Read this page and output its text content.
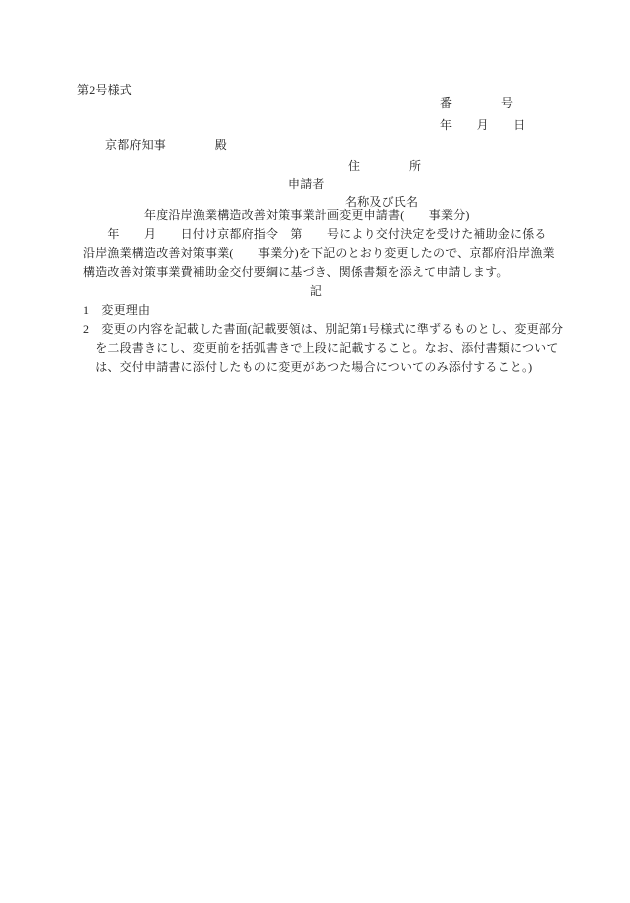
第2号様式
番　　　　号
年　　月　　日
京都府知事　　　　殿
住　　　　所
申請者
名称及び氏名
　　　　　年度沿岸漁業構造改善対策事業計画変更申請書(　　事業分)
　　年　　月　　日付け京都府指令　第　　号により交付決定を受けた補助金に係る
沿岸漁業構造改善対策事業(　　事業分)を下記のとおり変更したので、京都府沿岸漁業
構造改善対策事業費補助金交付要綱に基づき、関係書類を添えて申請します。
記
1　変更理由
2　変更の内容を記載した書面(記載要領は、別記第1号様式に準ずるものとし、変更部分
　を二段書きにし、変更前を括弧書きで上段に記載すること。なお、添付書類について
　は、交付申請書に添付したものに変更があつた場合についてのみ添付すること。)
